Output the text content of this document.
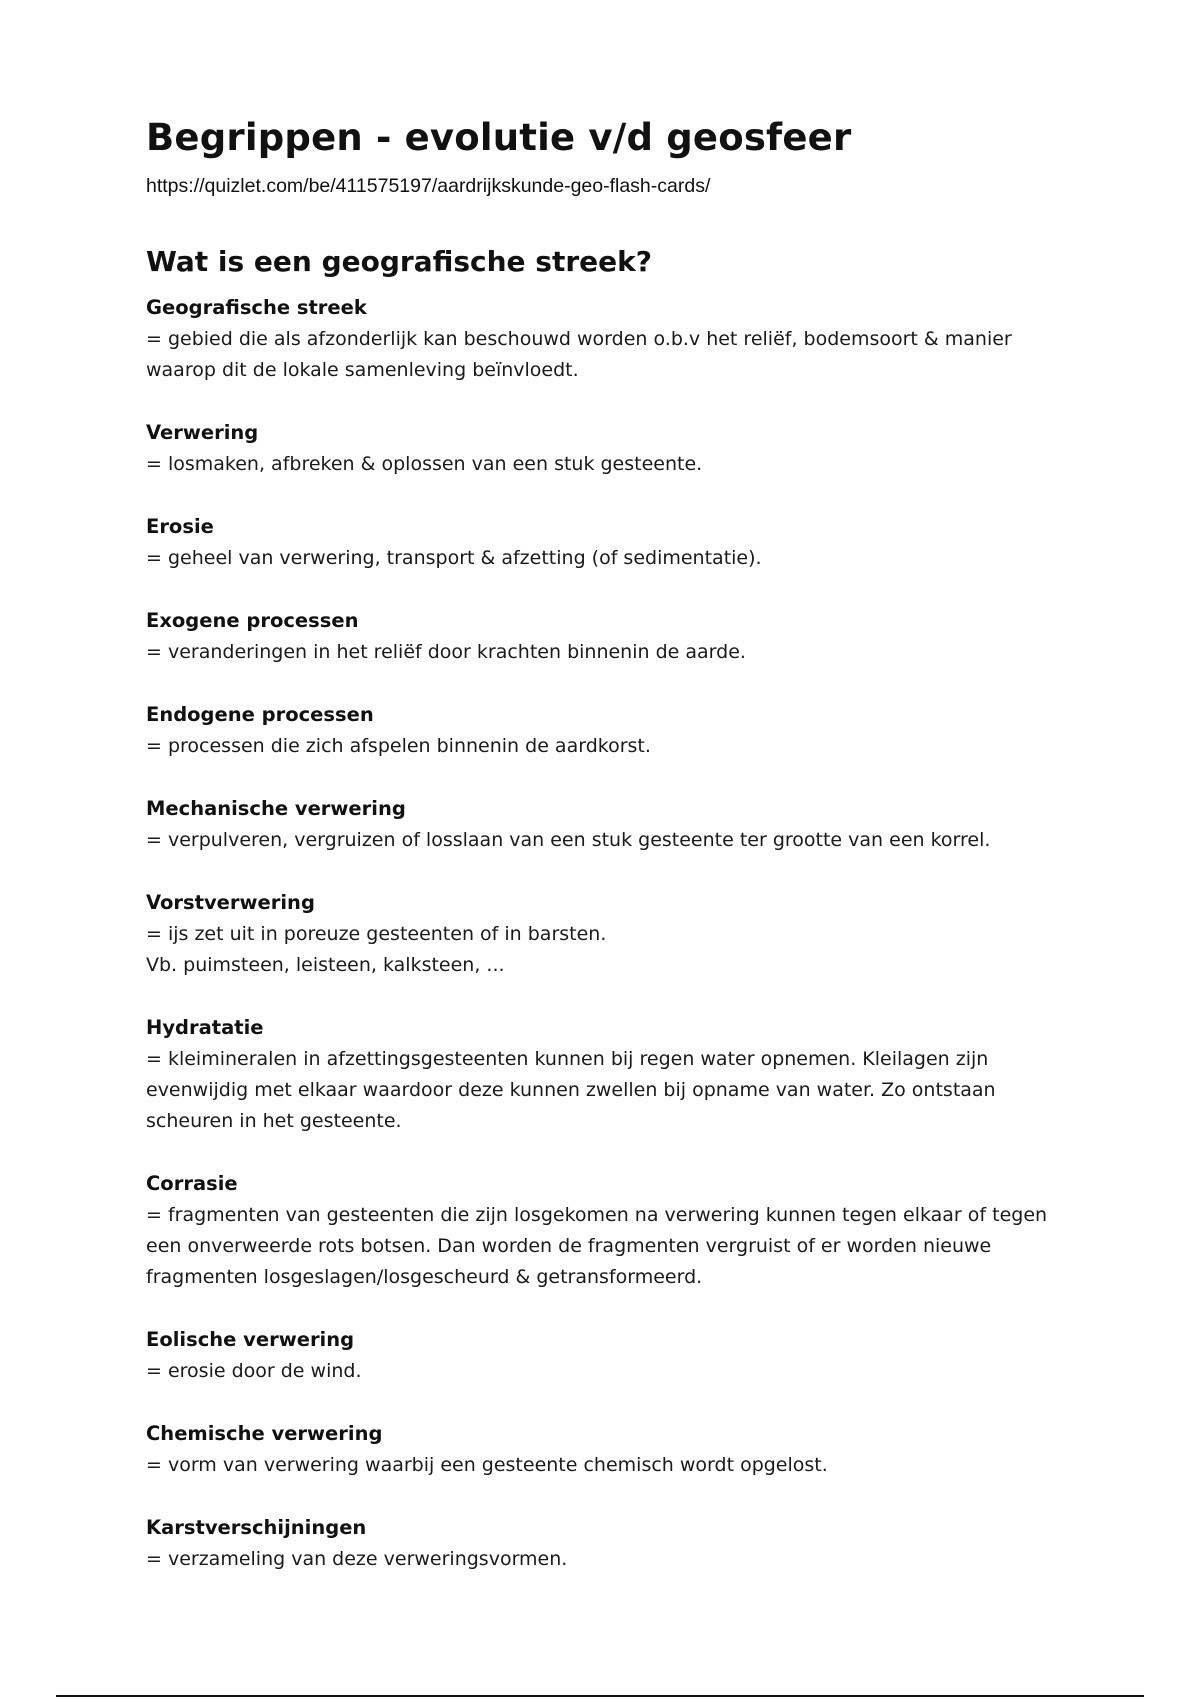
Begrippen - evolutie v/d geosfeer
https://quizlet.com/be/411575197/aardrijkskunde-geo-flash-cards/
Wat is een geografische streek?
Geografische streek
= gebied die als afzonderlijk kan beschouwd worden o.b.v het reliëf, bodemsoort & manier waarop dit de lokale samenleving beïnvloedt.
Verwering
= losmaken, afbreken & oplossen van een stuk gesteente.
Erosie
= geheel van verwering, transport & afzetting (of sedimentatie).
Exogene processen
= veranderingen in het reliëf door krachten binnenin de aarde.
Endogene processen
= processen die zich afspelen binnenin de aardkorst.
Mechanische verwering
= verpulveren, vergruizen of losslaan van een stuk gesteente ter grootte van een korrel.
Vorstverwering
= ijs zet uit in poreuze gesteenten of in barsten.
Vb. puimsteen, leisteen, kalksteen, ...
Hydratatie
= kleimineralen in afzettingsgesteenten kunnen bij regen water opnemen. Kleilagen zijn evenwijdig met elkaar waardoor deze kunnen zwellen bij opname van water. Zo ontstaan scheuren in het gesteente.
Corrasie
= fragmenten van gesteenten die zijn losgekomen na verwering kunnen tegen elkaar of tegen een onverweerde rots botsen. Dan worden de fragmenten vergruist of er worden nieuwe fragmenten losgeslagen/losgescheurd & getransformeerd.
Eolische verwering
= erosie door de wind.
Chemische verwering
= vorm van verwering waarbij een gesteente chemisch wordt opgelost.
Karstverschijningen
= verzameling van deze verweringsvormen.
